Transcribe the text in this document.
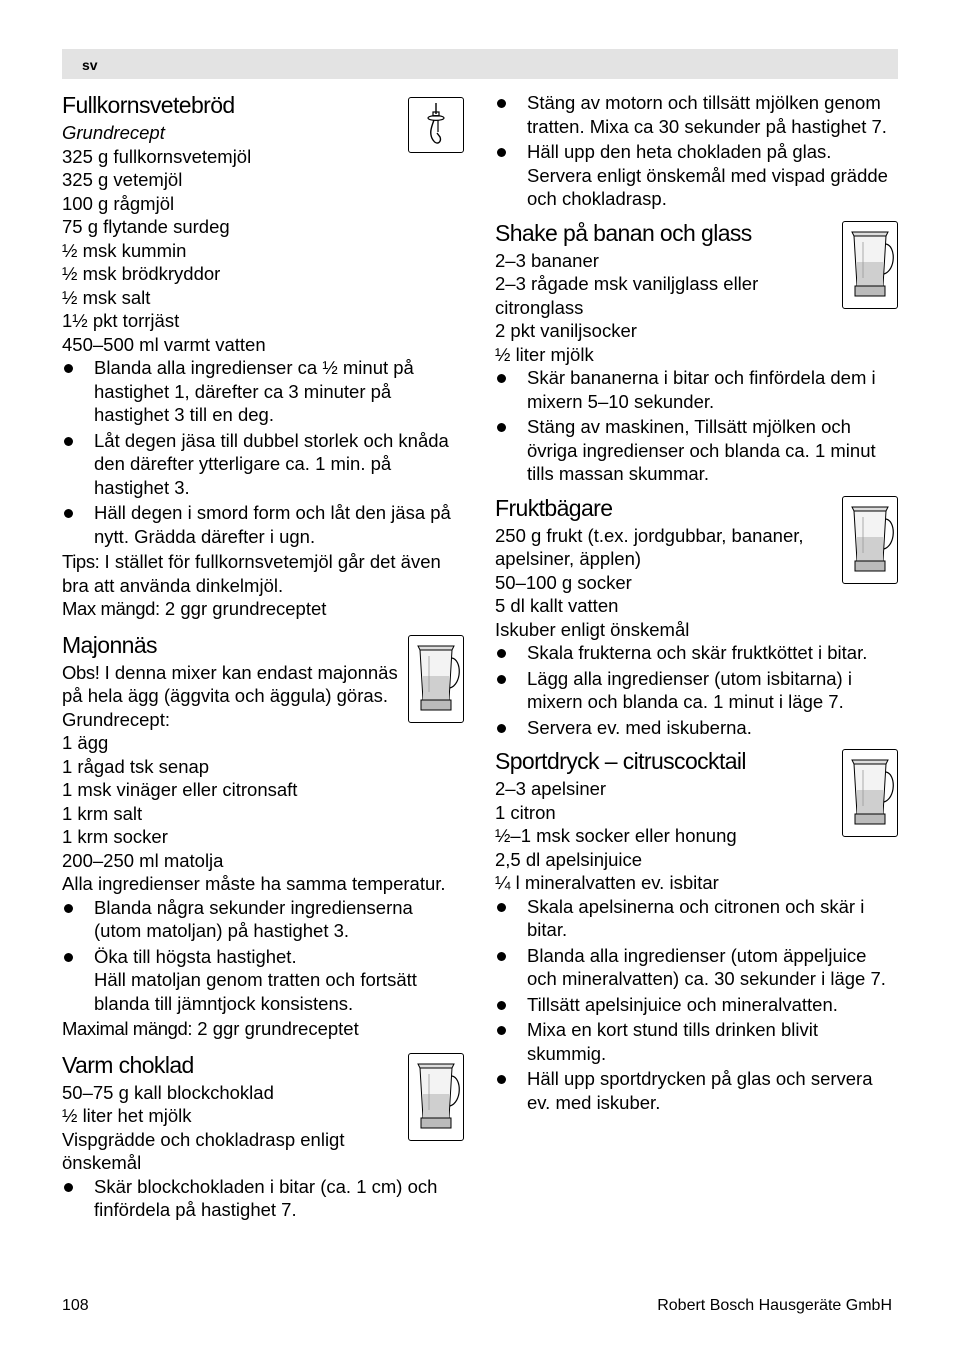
sv
Fullkornsvetebröd
Grundrecept
325 g fullkornsvetemjöl
325 g vetemjöl
100 g rågmjöl
75 g flytande surdeg
½ msk kummin
½ msk brödkryddor
½ msk salt
1½ pkt torrjäst
450–500 ml varmt vatten
Blanda alla ingredienser ca ½ minut på hastighet 1, därefter ca 3 minuter på hastighet 3 till en deg.
Låt degen jäsa till dubbel storlek och knåda den därefter ytterligare ca. 1 min. på hastighet 3.
Häll degen i smord form och låt den jäsa på nytt. Grädda därefter i ugn.
Tips: I stället för fullkornsvetemjöl går det även bra att använda dinkelmjöl.
Max mängd: 2 ggr grundreceptet
Majonnäs
Obs! I denna mixer kan endast majonnäs på hela ägg (äggvita och äggula) göras.
Grundrecept:
1 ägg
1 rågad tsk senap
1 msk vinäger eller citronsaft
1 krm salt
1 krm socker
200–250 ml matolja
Alla ingredienser måste ha samma temperatur.
Blanda några sekunder ingredienserna (utom matoljan) på hastighet 3.
Öka till högsta hastighet.
Häll matoljan genom tratten och fortsätt blanda till jämntjock konsistens.
Maximal mängd: 2 ggr grundreceptet
Varm choklad
50–75 g kall blockchoklad
½ liter het mjölk
Vispgrädde och chokladrasp enligt önskemål
Skär blockchokladen i bitar (ca. 1 cm) och finfördela på hastighet 7.
Stäng av motorn och tillsätt mjölken genom tratten. Mixa ca 30 sekunder på hastighet 7.
Häll upp den heta chokladen på glas. Servera enligt önskemål med vispad grädde och chokladrasp.
Shake på banan och glass
2–3 bananer
2–3 rågade msk vaniljglass eller citronglass
2 pkt vaniljsocker
½ liter mjölk
Skär bananerna i bitar och finfördela dem i mixern 5–10 sekunder.
Stäng av maskinen, Tillsätt mjölken och övriga ingredienser och blanda ca. 1 minut tills massan skummar.
Fruktbägare
250 g frukt (t.ex. jordgubbar, bananer, apelsiner, äpplen)
50–100 g socker
5 dl kallt vatten
Iskuber enligt önskemål
Skala frukterna och skär fruktköttet i bitar.
Lägg alla ingredienser (utom isbitarna) i mixern och blanda ca. 1 minut i läge 7.
Servera ev. med iskuberna.
Sportdryck – citruscocktail
2–3 apelsiner
1 citron
½–1 msk socker eller honung
2,5 dl apelsinjuice
¼ l mineralvatten ev. isbitar
Skala apelsinerna och citronen och skär i bitar.
Blanda alla ingredienser (utom äppeljuice och mineralvatten) ca. 30 sekunder i läge 7.
Tillsätt apelsinjuice och mineralvatten.
Mixa en kort stund tills drinken blivit skummig.
Häll upp sportdrycken på glas och servera ev. med iskuber.
108	Robert Bosch Hausgeräte GmbH
